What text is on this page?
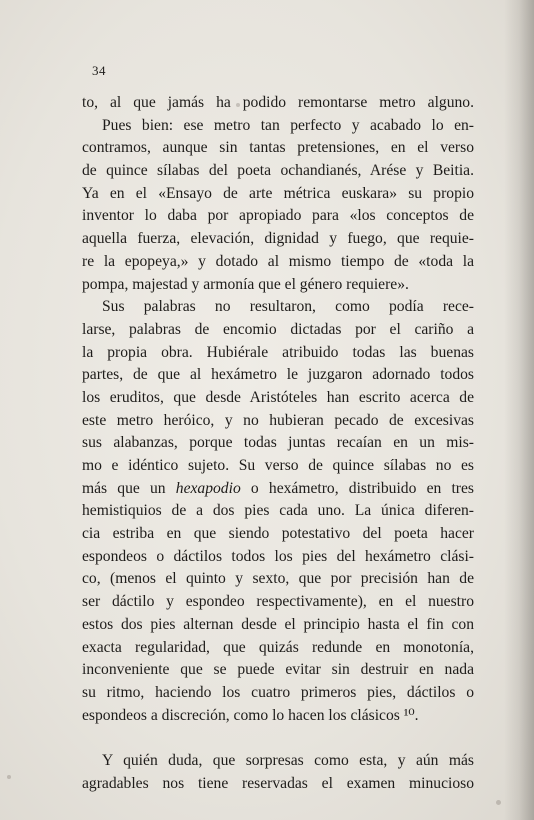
34
to, al que jamás ha podido remontarse metro alguno.
Pues bien: ese metro tan perfecto y acabado lo en-
contramos, aunque sin tantas pretensiones, en el verso
de quince sílabas del poeta ochandianés, Arése y Beitia.
Ya en el «Ensayo de arte métrica euskara» su propio
inventor lo daba por apropiado para «los conceptos de
aquella fuerza, elevación, dignidad y fuego, que requie-
re la epopeya,» y dotado al mismo tiempo de «toda la
pompa, majestad y armonía que el género requiere».
Sus palabras no resultaron, como podía rece-
larse, palabras de encomio dictadas por el cariño a
la propia obra. Hubiérale atribuido todas las buenas
partes, de que al hexámetro le juzgaron adornado todos
los eruditos, que desde Aristóteles han escrito acerca de
este metro heróico, y no hubieran pecado de excesivas
sus alabanzas, porque todas juntas recaían en un mis-
mo e idéntico sujeto. Su verso de quince sílabas no es
más que un hexapodio o hexámetro, distribuido en tres
hemistiquios de a dos pies cada uno. La única diferen-
cia estriba en que siendo potestativo del poeta hacer
espondeos o dáctilos todos los pies del hexámetro clási-
co, (menos el quinto y sexto, que por precisión han de
ser dáctilo y espondeo respectivamente), en el nuestro
estos dos pies alternan desde el principio hasta el fin con
exacta regularidad, que quizás redunde en monotonía,
inconveniente que se puede evitar sin destruir en nada
su ritmo, haciendo los cuatro primeros pies, dáctilos o
espondeos a discreción, como lo hacen los clásicos ¹⁰.
Y quién duda, que sorpresas como esta, y aún más
agradables nos tiene reservadas el examen minucioso
